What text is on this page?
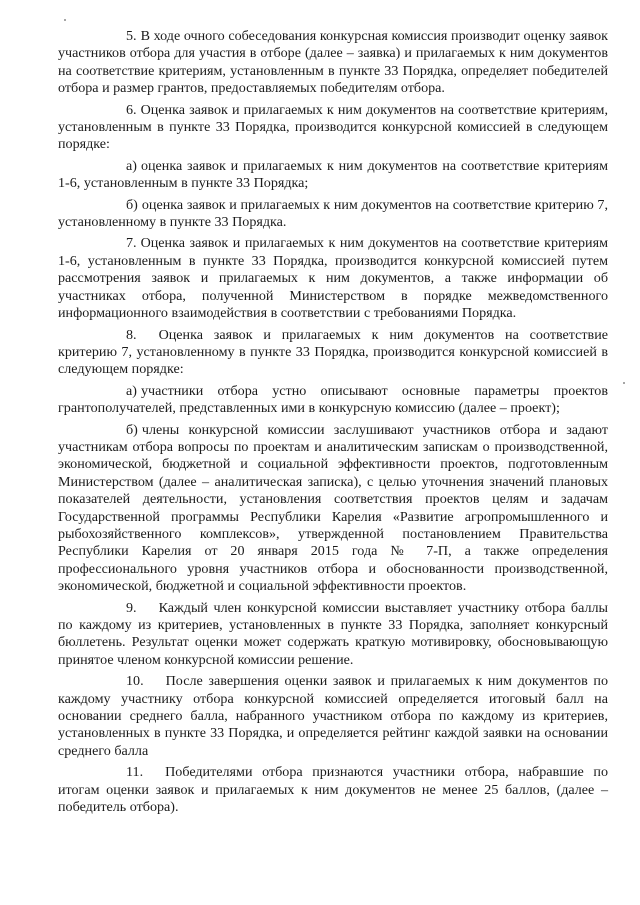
5. В ходе очного собеседования конкурсная комиссия производит оценку заявок участников отбора для участия в отборе (далее – заявка) и прилагаемых к ним документов на соответствие критериям, установленным в пункте 33 Порядка, определяет победителей отбора и размер грантов, предоставляемых победителям отбора.

6. Оценка заявок и прилагаемых к ним документов на соответствие критериям, установленным в пункте 33 Порядка, производится конкурсной комиссией в следующем порядке:

а) оценка заявок и прилагаемых к ним документов на соответствие критериям 1-6, установленным в пункте 33 Порядка;

б) оценка заявок и прилагаемых к ним документов на соответствие критерию 7, установленному в пункте 33 Порядка.

7. Оценка заявок и прилагаемых к ним документов на соответствие критериям 1-6, установленным в пункте 33 Порядка, производится конкурсной комиссией путем рассмотрения заявок и прилагаемых к ним документов, а также информации об участниках отбора, полученной Министерством в порядке межведомственного информационного взаимодействия в соответствии с требованиями Порядка.

8. Оценка заявок и прилагаемых к ним документов на соответствие критерию 7, установленному в пункте 33 Порядка, производится конкурсной комиссией в следующем порядке:

а) участники отбора устно описывают основные параметры проектов грантополучателей, представленных ими в конкурсную комиссию (далее – проект);

б) члены конкурсной комиссии заслушивают участников отбора и задают участникам отбора вопросы по проектам и аналитическим запискам о производственной, экономической, бюджетной и социальной эффективности проектов, подготовленным Министерством (далее – аналитическая записка), с целью уточнения значений плановых показателей деятельности, установления соответствия проектов целям и задачам Государственной программы Республики Карелия «Развитие агропромышленного и рыбохозяйственного комплексов», утвержденной постановлением Правительства Республики Карелия от 20 января 2015 года № 7-П, а также определения профессионального уровня участников отбора и обоснованности производственной, экономической, бюджетной и социальной эффективности проектов.

9. Каждый член конкурсной комиссии выставляет участнику отбора баллы по каждому из критериев, установленных в пункте 33 Порядка, заполняет конкурсный бюллетень. Результат оценки может содержать краткую мотивировку, обосновывающую принятое членом конкурсной комиссии решение.

10. После завершения оценки заявок и прилагаемых к ним документов по каждому участнику отбора конкурсной комиссией определяется итоговый балл на основании среднего балла, набранного участником отбора по каждому из критериев, установленных в пункте 33 Порядка, и определяется рейтинг каждой заявки на основании среднего балла

11. Победителями отбора признаются участники отбора, набравшие по итогам оценки заявок и прилагаемых к ним документов не менее 25 баллов, (далее – победитель отбора).
